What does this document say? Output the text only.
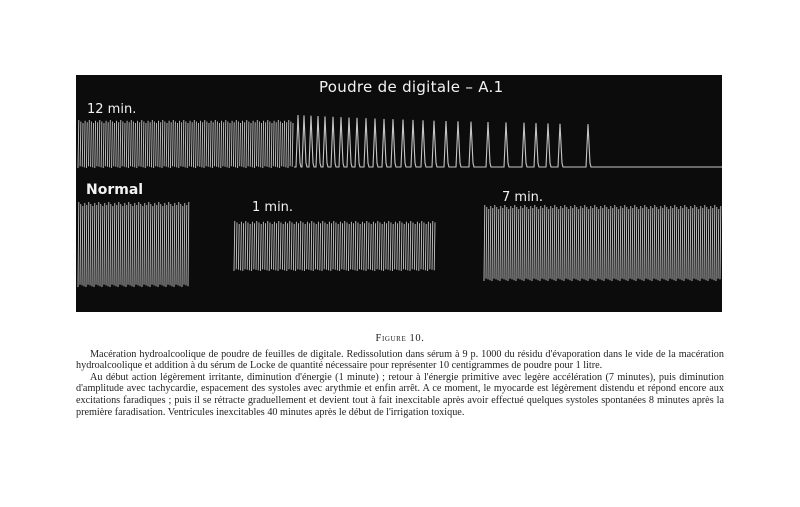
Poudre de digitale – A.1
12 min.
Normal
1 min.
7 min.
Figure 10.

Macération hydroalcoolique de poudre de feuilles de digitale. Redissolution dans sérum à 9 p. 1000 du résidu d'évaporation dans le vide de la macération hydroalcoolique et addition à du sérum de Locke de quantité nécessaire pour représenter 10 centigrammes de poudre pour 1 litre.

Au début action légèrement irritante, diminution d'énergie (1 minute) ; retour à l'énergie primitive avec legère accélération (7 minutes), puis diminution d'amplitude avec tachycardie, espacement des systoles avec arythmie et enfin arrêt. A ce moment, le myocarde est légèrement distendu et répond encore aux excitations faradiques ; puis il se rétracte graduellement et devient tout à fait inexcitable après avoir effectué quelques systoles spontanées 8 minutes après la première faradisation. Ventricules inexcitables 40 minutes après le début de l'irrigation toxique.
